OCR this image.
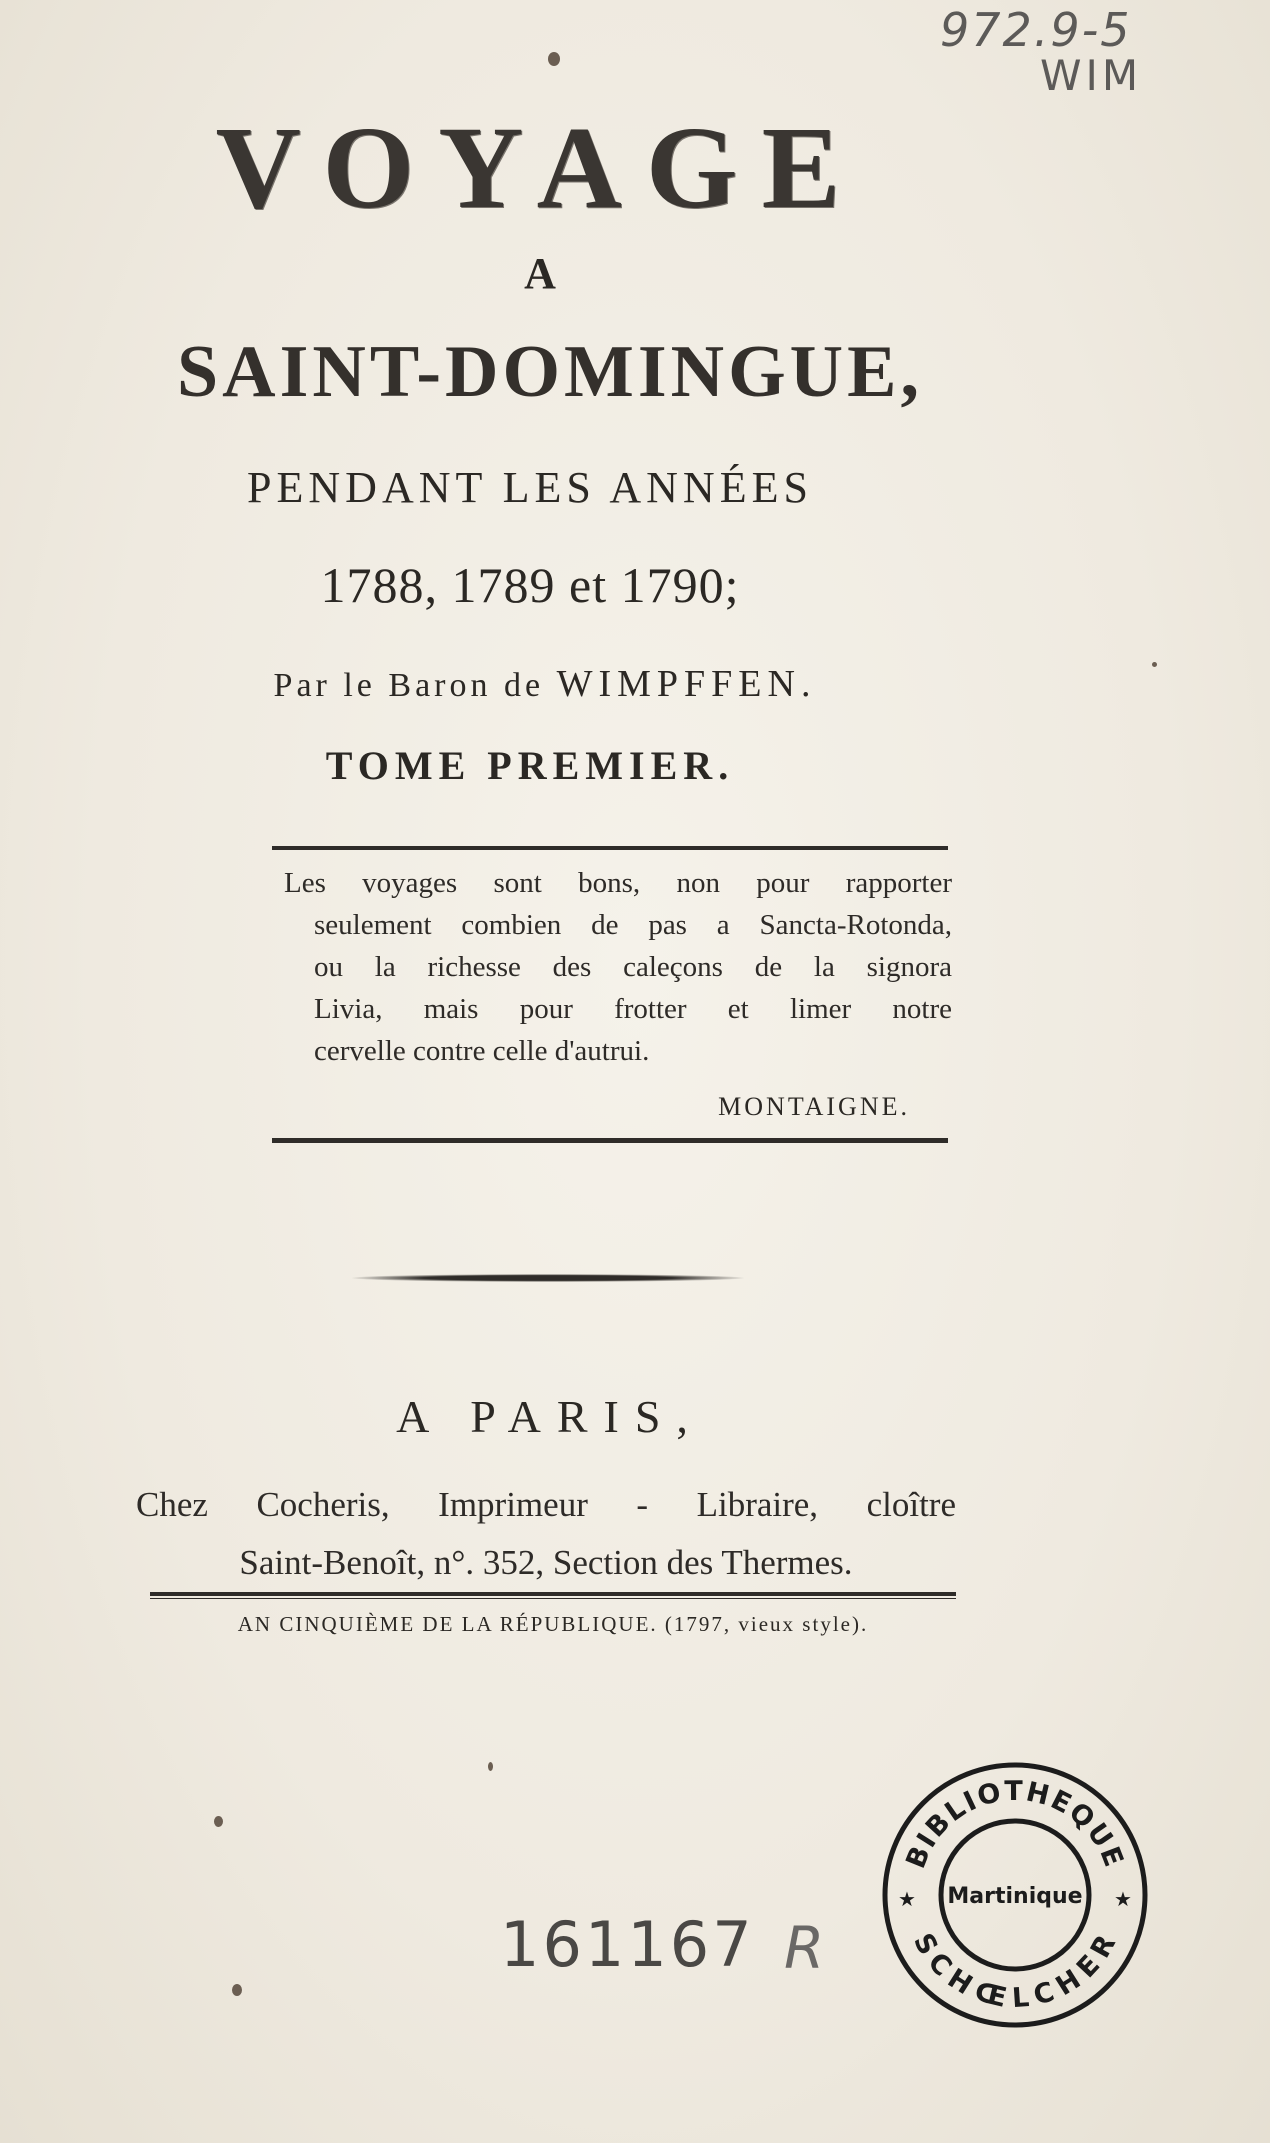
972.9-5
WIM
VOYAGE
A
SAINT-DOMINGUE,
PENDANT LES ANNÉES
1788, 1789 et 1790;
Par le Baron de WIMPFFEN.
TOME PREMIER.
Les voyages sont bons, non pour rapporter
seulement combien de pas a Sancta-Rotonda,
ou la richesse des caleçons de la signora
Livia, mais pour frotter et limer notre
cervelle contre celle d'autrui.
MONTAIGNE.
A PARIS,
Chez Cocheris, Imprimeur - Libraire, cloître
Saint-Benoît, n°. 352, Section des Thermes.
AN CINQUIÈME DE LA RÉPUBLIQUE. (1797, vieux style).
161167 R
BIBLIOTHEQUE
SCHŒLCHER
Martinique
★	★
